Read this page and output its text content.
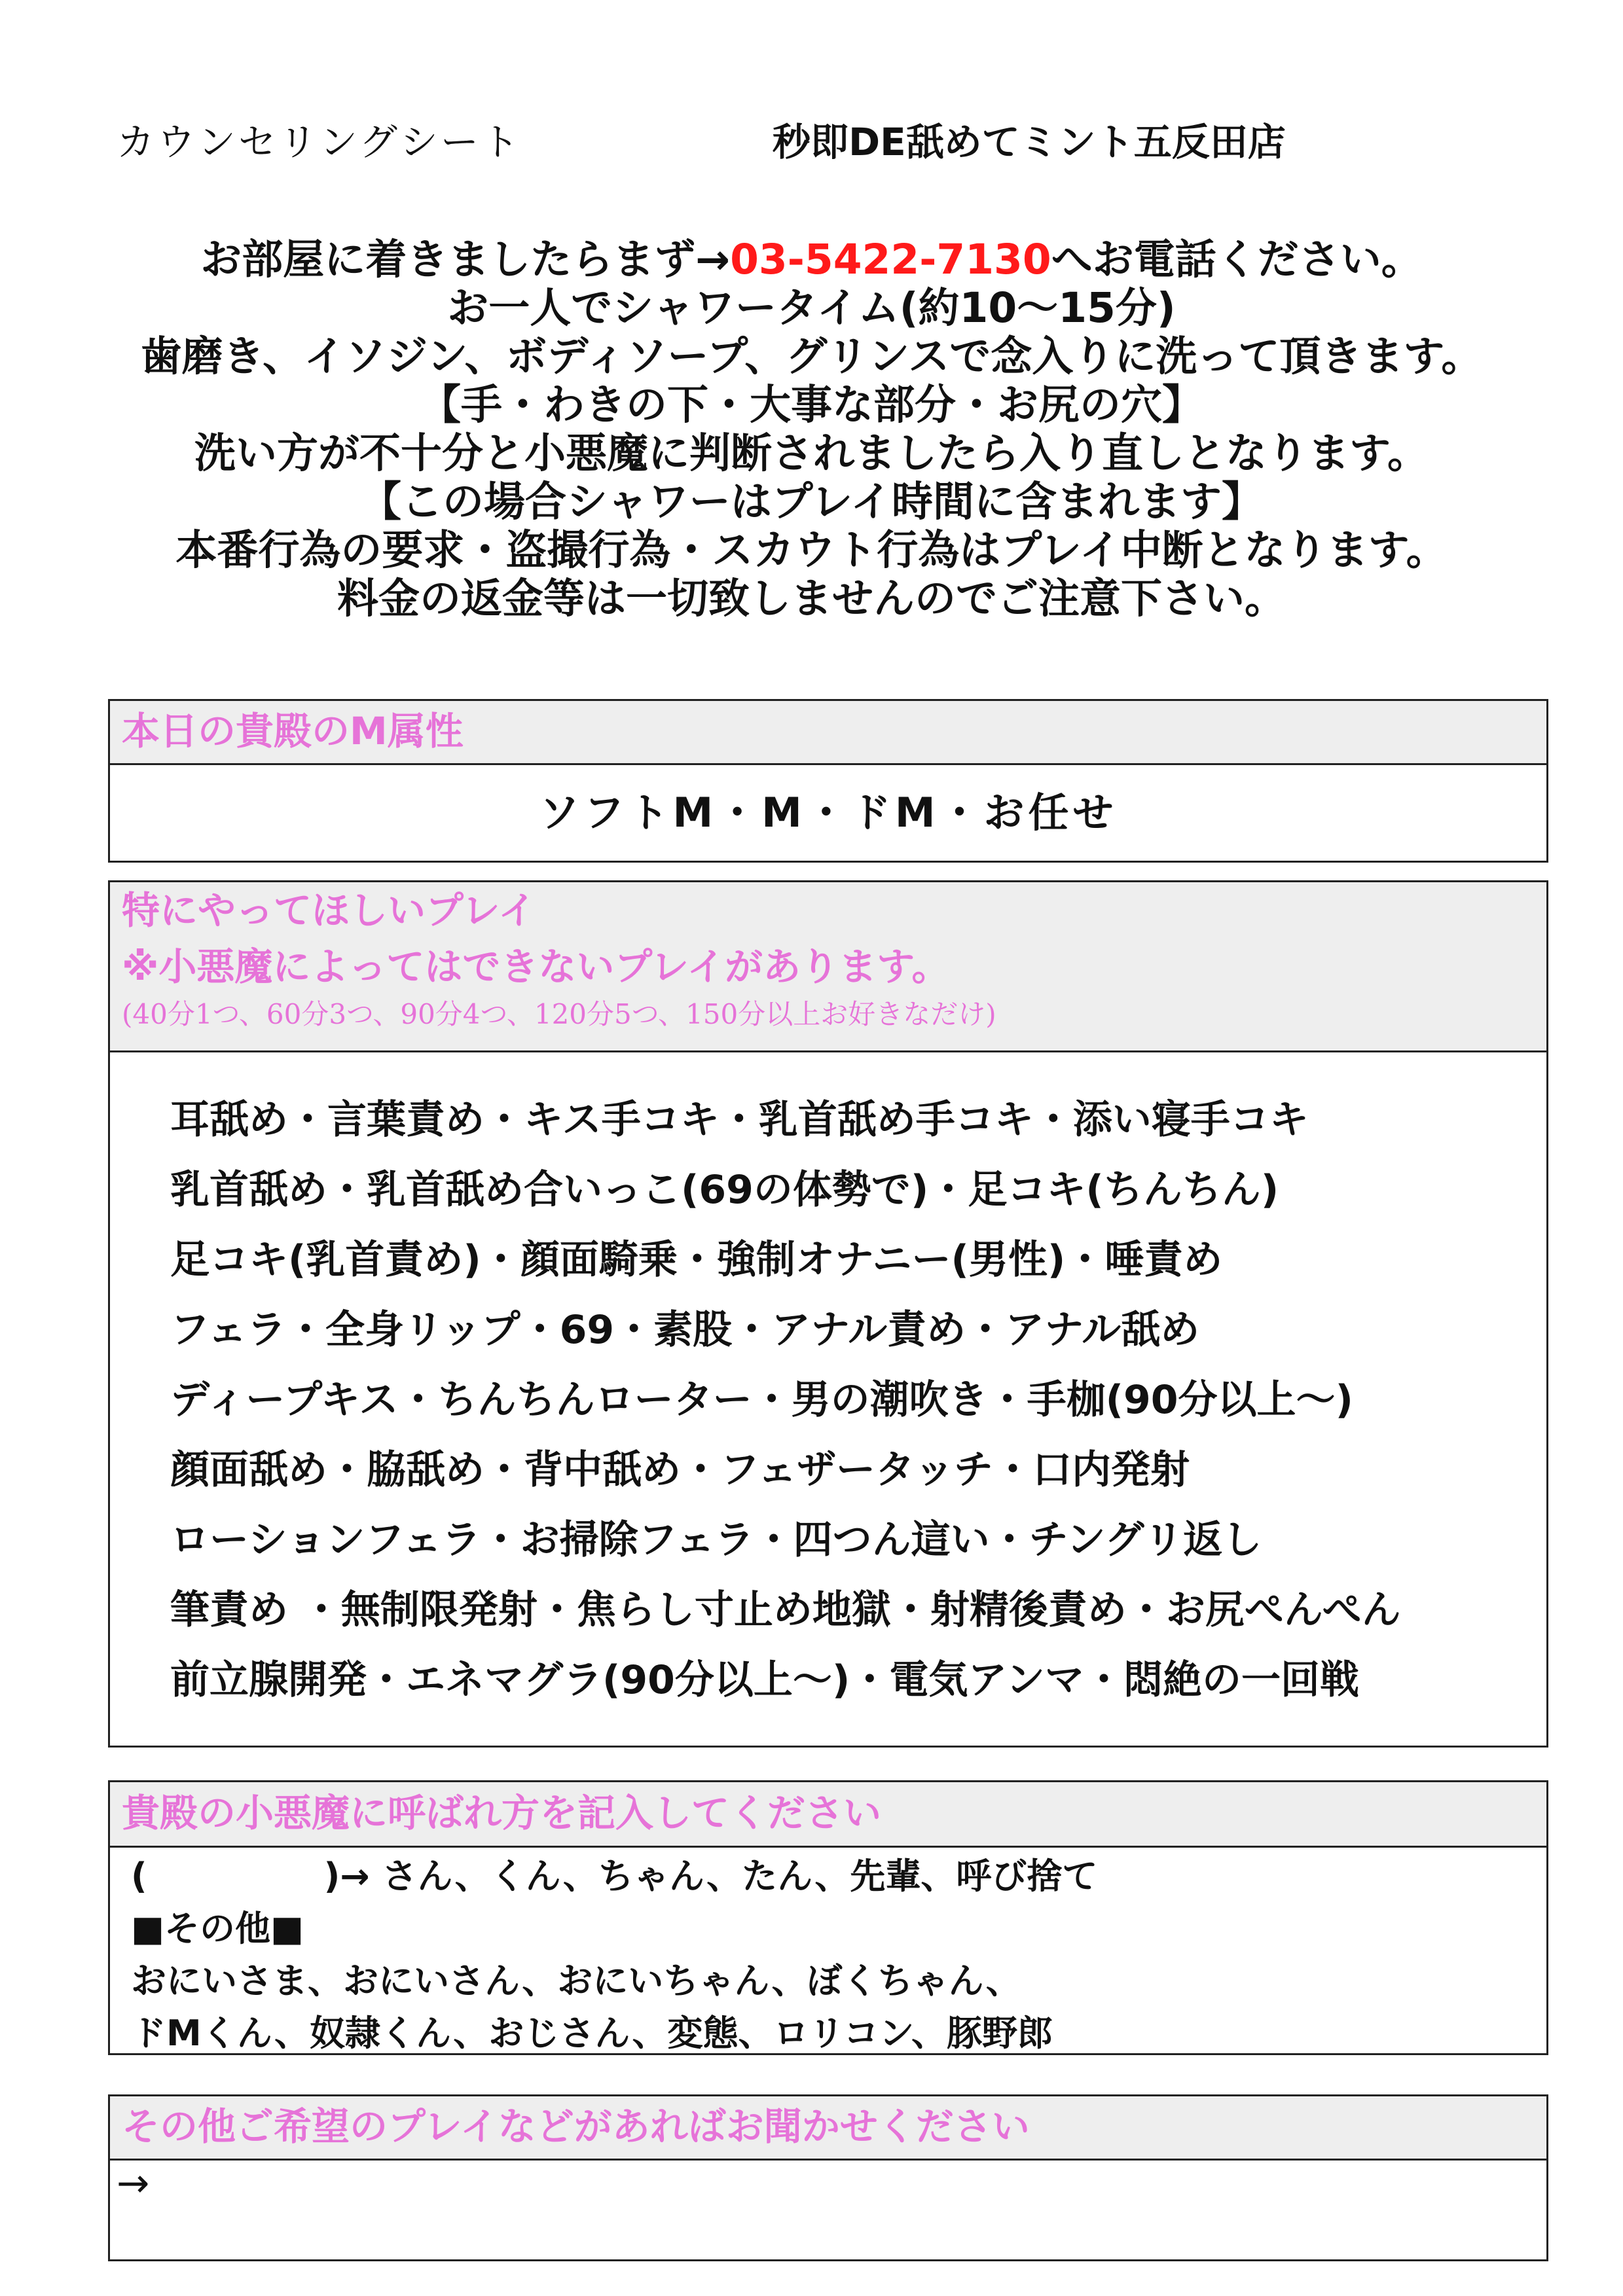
カウンセリングシート	秒即DE舐めてミント五反田店
お部屋に着きましたらまず→03-5422-7130へお電話ください。
お一人でシャワータイム(約10〜15分)
歯磨き、イソジン、ボディソープ、グリンスで念入りに洗って頂きます。
【手・わきの下・大事な部分・お尻の穴】
洗い方が不十分と小悪魔に判断されましたら入り直しとなります。
【この場合シャワーはプレイ時間に含まれます】
本番行為の要求・盗撮行為・スカウト行為はプレイ中断となります。
料金の返金等は一切致しませんのでご注意下さい。
本日の貴殿のM属性
ソフトM・M・ドM・お任せ
特にやってほしいプレイ
※小悪魔によってはできないプレイがあります。
(40分1つ、60分3つ、90分4つ、120分5つ、150分以上お好きなだけ)
耳舐め・言葉責め・キス手コキ・乳首舐め手コキ・添い寝手コキ
乳首舐め・乳首舐め合いっこ(69の体勢で)・足コキ(ちんちん)
足コキ(乳首責め)・顔面騎乗・強制オナニー(男性)・唾責め
フェラ・全身リップ・69・素股・アナル責め・アナル舐め
ディープキス・ちんちんローター・男の潮吹き・手枷(90分以上〜)
顔面舐め・脇舐め・背中舐め・フェザータッチ・口内発射
ローションフェラ・お掃除フェラ・四つん這い・チングリ返し
筆責め ・無制限発射・焦らし寸止め地獄・射精後責め・お尻ぺんぺん
前立腺開発・エネマグラ(90分以上〜)・電気アンマ・悶絶の一回戦
貴殿の小悪魔に呼ばれ方を記入してください
(　　　　　)→ さん、くん、ちゃん、たん、先輩、呼び捨て
■その他■
おにいさま、おにいさん、おにいちゃん、ぼくちゃん、
ドMくん、奴隷くん、おじさん、変態、ロリコン、豚野郎
その他ご希望のプレイなどがあればお聞かせください
→
